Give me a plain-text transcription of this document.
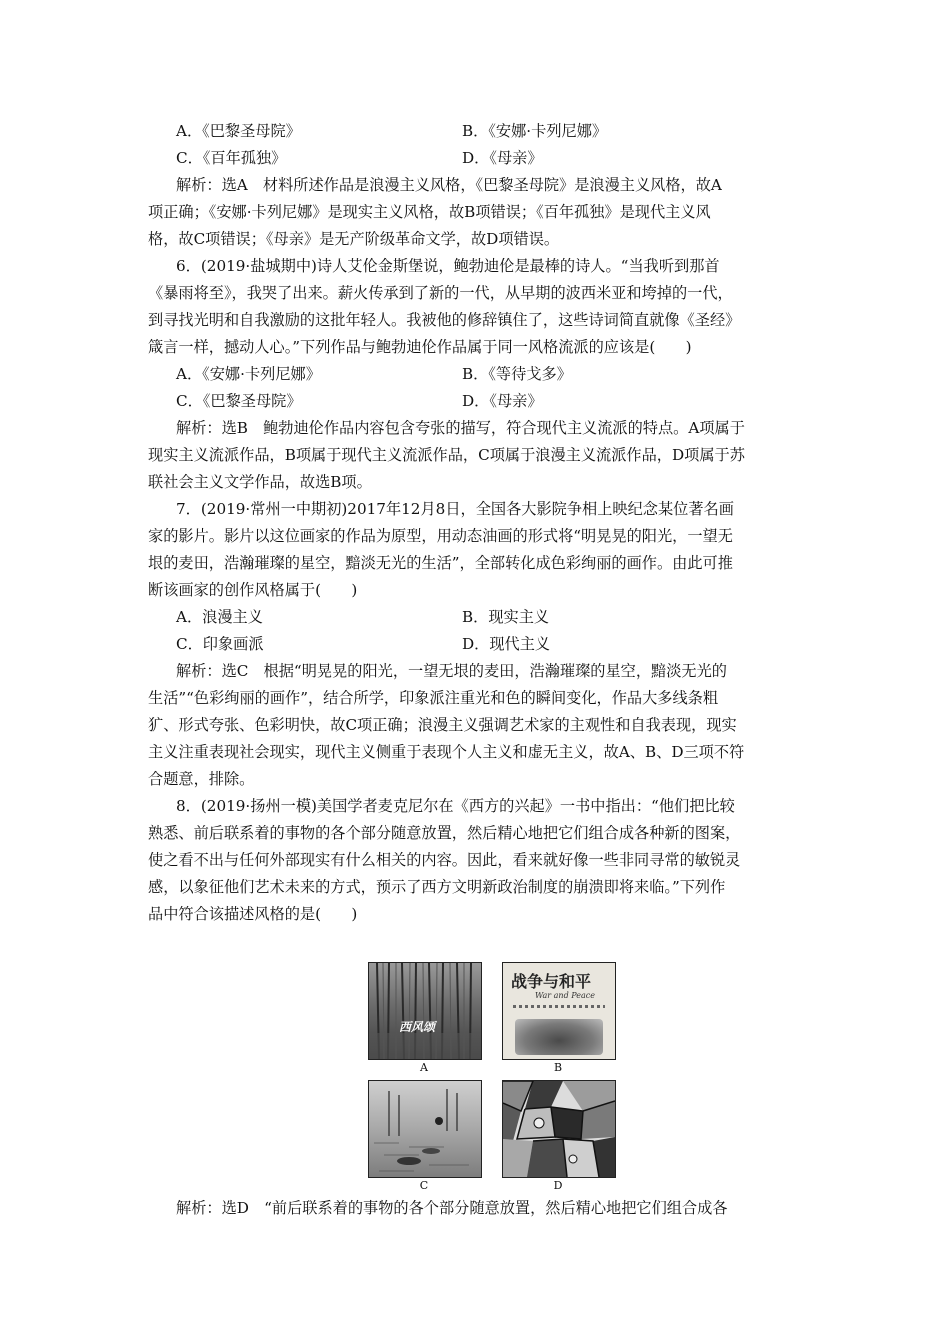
A．《巴黎圣母院》	B．《安娜·卡列尼娜》
C．《百年孤独》	D．《母亲》
解析：选A　材料所述作品是浪漫主义风格，《巴黎圣母院》是浪漫主义风格，故A
项正确；《安娜·卡列尼娜》是现实主义风格，故B项错误；《百年孤独》是现代主义风
格，故C项错误；《母亲》是无产阶级革命文学，故D项错误。
6．(2019·盐城期中)诗人艾伦金斯堡说，鲍勃迪伦是最棒的诗人。“当我听到那首
《暴雨将至》，我哭了出来。薪火传承到了新的一代，从早期的波西米亚和垮掉的一代，
到寻找光明和自我激励的这批年轻人。我被他的修辞镇住了，这些诗词简直就像《圣经》
箴言一样，撼动人心。”下列作品与鲍勃迪伦作品属于同一风格流派的应该是(　　)
A．《安娜·卡列尼娜》	B．《等待戈多》
C．《巴黎圣母院》	D．《母亲》
解析：选B　鲍勃迪伦作品内容包含夸张的描写，符合现代主义流派的特点。A项属于
现实主义流派作品，B项属于现代主义流派作品，C项属于浪漫主义流派作品，D项属于苏
联社会主义文学作品，故选B项。
7．(2019·常州一中期初)2017年12月8日，全国各大影院争相上映纪念某位著名画
家的影片。影片以这位画家的作品为原型，用动态油画的形式将“明晃晃的阳光，一望无
垠的麦田，浩瀚璀璨的星空，黯淡无光的生活”，全部转化成色彩绚丽的画作。由此可推
断该画家的创作风格属于(　　)
A．浪漫主义	B．现实主义
C．印象画派	D．现代主义
解析：选C　根据“明晃晃的阳光，一望无垠的麦田，浩瀚璀璨的星空，黯淡无光的
生活”“色彩绚丽的画作”，结合所学，印象派注重光和色的瞬间变化，作品大多线条粗
犷、形式夸张、色彩明快，故C项正确；浪漫主义强调艺术家的主观性和自我表现，现实
主义注重表现社会现实，现代主义侧重于表现个人主义和虚无主义，故A、B、D三项不符
合题意，排除。
8．(2019·扬州一模)美国学者麦克尼尔在《西方的兴起》一书中指出：“他们把比较
熟悉、前后联系着的事物的各个部分随意放置，然后精心地把它们组合成各种新的图案，
使之看不出与任何外部现实有什么相关的内容。因此，看来就好像一些非同寻常的敏锐灵
感，以象征他们艺术未来的方式，预示了西方文明新政治制度的崩溃即将来临。”下列作
品中符合该描述风格的是(　　)
西风颂
A
战争与和平
War and Peace
B
C	D
解析：选D　“前后联系着的事物的各个部分随意放置，然后精心地把它们组合成各
